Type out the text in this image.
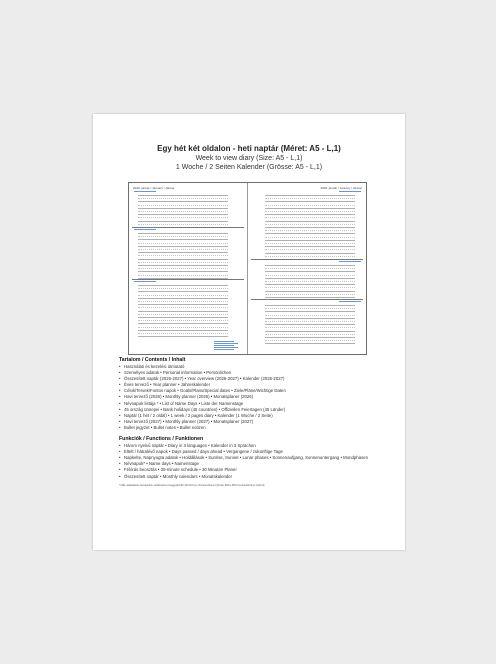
Egy hét két oldalon - heti naptár (Méret: A5 - L,1)
Week to view diary (Size: A5 - L,1)
1 Woche / 2 Seiten Kalender (Grösse: A5 - L,1)
2026. január / January / Januar	2026. január / January / Januar
Tartalom / Contents / Inhalt
• Használati és kezelési útmutató
• Személyes adatok • Personal information • Persönlichen
• Összesített naptár (2026-2027) • Year overview (2026-2027) • Kalender (2026-2027)
• Éves tervező • Year planner • Jahreskalender
• Célok/Tervek/Fontos napok • Goals/Plans/Special dates • Ziele/Pläne/Wichtige Daten
• Havi tervező (2026) • Monthly planner (2026) • Monatsplaner (2026)
• Névnapok listája * • List of Name Days • Liste der Namenstage
• 45 ország ünnepei • Bank holidays (45 countries) • Offiziellen Feiertagen (45 Länder)
• Naptár (1 hét / 2 oldal) • 1 week / 2 pages diary • Kalender (1 Woche / 2 Seite)
• Havi tervező (2027) • Monthly planner (2027) • Monatsplaner (2027)
• Bullet jegyzet • Bullet notes • Bullet notizen
Funkciók / Functions / Funktionen
• Három nyelvű naptár • Diary in 3 languages • Kalender in 3 Sprachen
• Eltelt / hátralévő napok • Days passed / days ahead • Vergangene / zukünftige Tage
• Napkelte, Napnyugta adatok • Holdállások • Sunrise, Sunset • Lunar phases • Sonnenaufgang, Sonnenuntergang • Mondphasen
• Névnapok* • Name days • Namenstage
• Félórás beosztás • 30-minute schedule • 30 Minuten Planer
• Összesített naptár • Monthly calendars • Monatskalender
* MÁL alapadatok névnapokra, tartalmazza a leggyakoribb 100 férfi és női keresztnevet (forrás: Bölcs-MTA Nyelvtudományi Intézet).
